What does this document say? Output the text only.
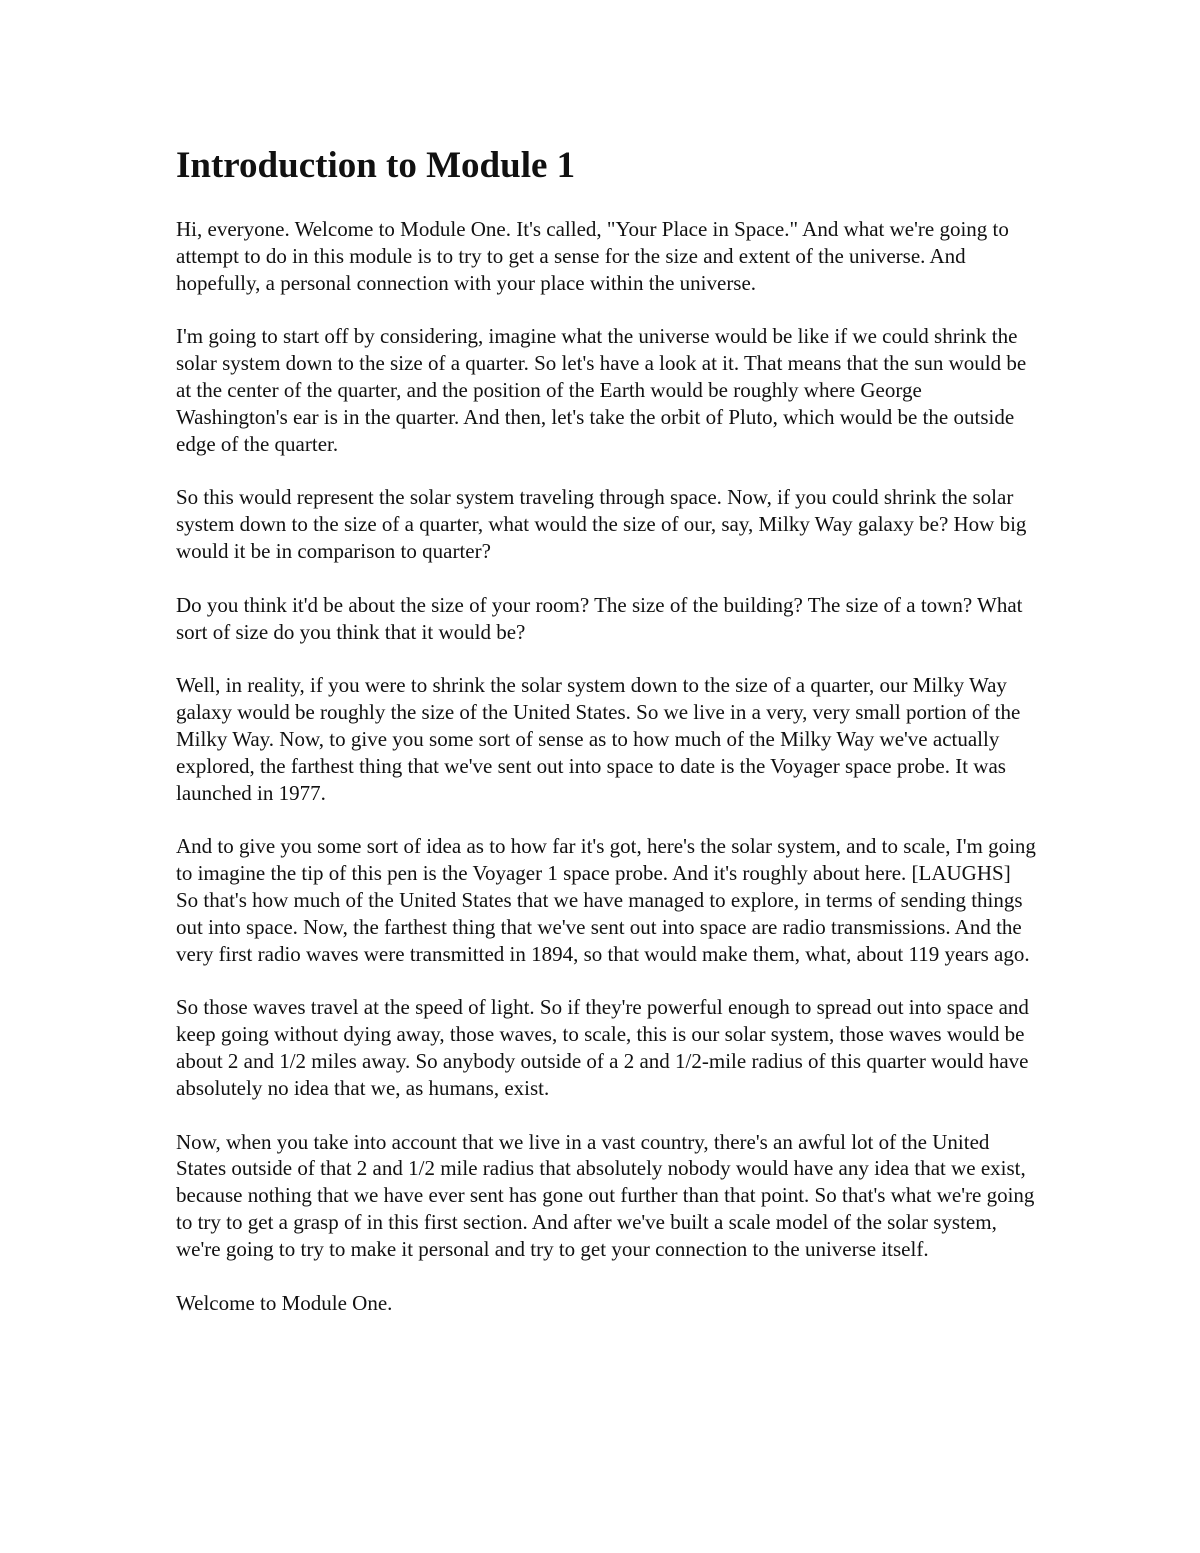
Introduction to Module 1

Hi, everyone. Welcome to Module One. It's called, "Your Place in Space." And what we're going to attempt to do in this module is to try to get a sense for the size and extent of the universe. And hopefully, a personal connection with your place within the universe.

I'm going to start off by considering, imagine what the universe would be like if we could shrink the solar system down to the size of a quarter. So let's have a look at it. That means that the sun would be at the center of the quarter, and the position of the Earth would be roughly where George Washington's ear is in the quarter. And then, let's take the orbit of Pluto, which would be the outside edge of the quarter.

So this would represent the solar system traveling through space. Now, if you could shrink the solar system down to the size of a quarter, what would the size of our, say, Milky Way galaxy be? How big would it be in comparison to quarter?

Do you think it'd be about the size of your room? The size of the building? The size of a town? What sort of size do you think that it would be?

Well, in reality, if you were to shrink the solar system down to the size of a quarter, our Milky Way galaxy would be roughly the size of the United States. So we live in a very, very small portion of the Milky Way. Now, to give you some sort of sense as to how much of the Milky Way we've actually explored, the farthest thing that we've sent out into space to date is the Voyager space probe. It was launched in 1977.

And to give you some sort of idea as to how far it's got, here's the solar system, and to scale, I'm going to imagine the tip of this pen is the Voyager 1 space probe. And it's roughly about here. [LAUGHS] So that's how much of the United States that we have managed to explore, in terms of sending things out into space. Now, the farthest thing that we've sent out into space are radio transmissions. And the very first radio waves were transmitted in 1894, so that would make them, what, about 119 years ago.

So those waves travel at the speed of light. So if they're powerful enough to spread out into space and keep going without dying away, those waves, to scale, this is our solar system, those waves would be about 2 and 1/2 miles away. So anybody outside of a 2 and 1/2-mile radius of this quarter would have absolutely no idea that we, as humans, exist.

Now, when you take into account that we live in a vast country, there's an awful lot of the United States outside of that 2 and 1/2 mile radius that absolutely nobody would have any idea that we exist, because nothing that we have ever sent has gone out further than that point. So that's what we're going to try to get a grasp of in this first section. And after we've built a scale model of the solar system, we're going to try to make it personal and try to get your connection to the universe itself.

Welcome to Module One.
